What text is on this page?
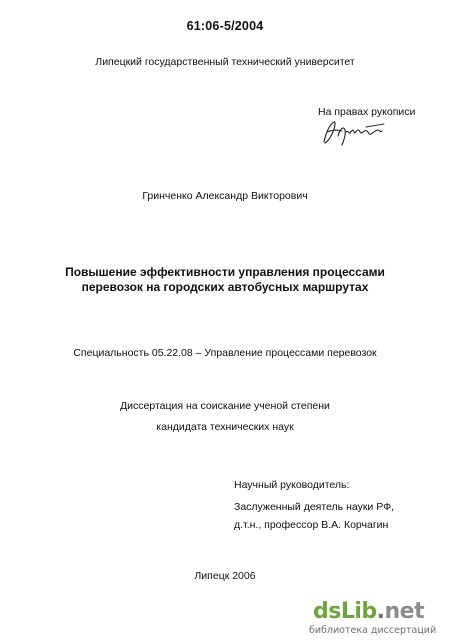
61:06-5/2004
Липецкий государственный технический университет
На правах рукописи
Гринченко Александр Викторович
Повышение эффективности управления процессами
перевозок на городских автобусных маршрутах
Специальность 05.22.08 – Управление процессами перевозок
Диссертация на соискание ученой степени
кандидата технических наук
Научный руководитель:
Заслуженный деятель науки РФ,
д.т.н., профессор В.А. Корчагин
Липецк 2006
dsLib.net
библиотека диссертаций
